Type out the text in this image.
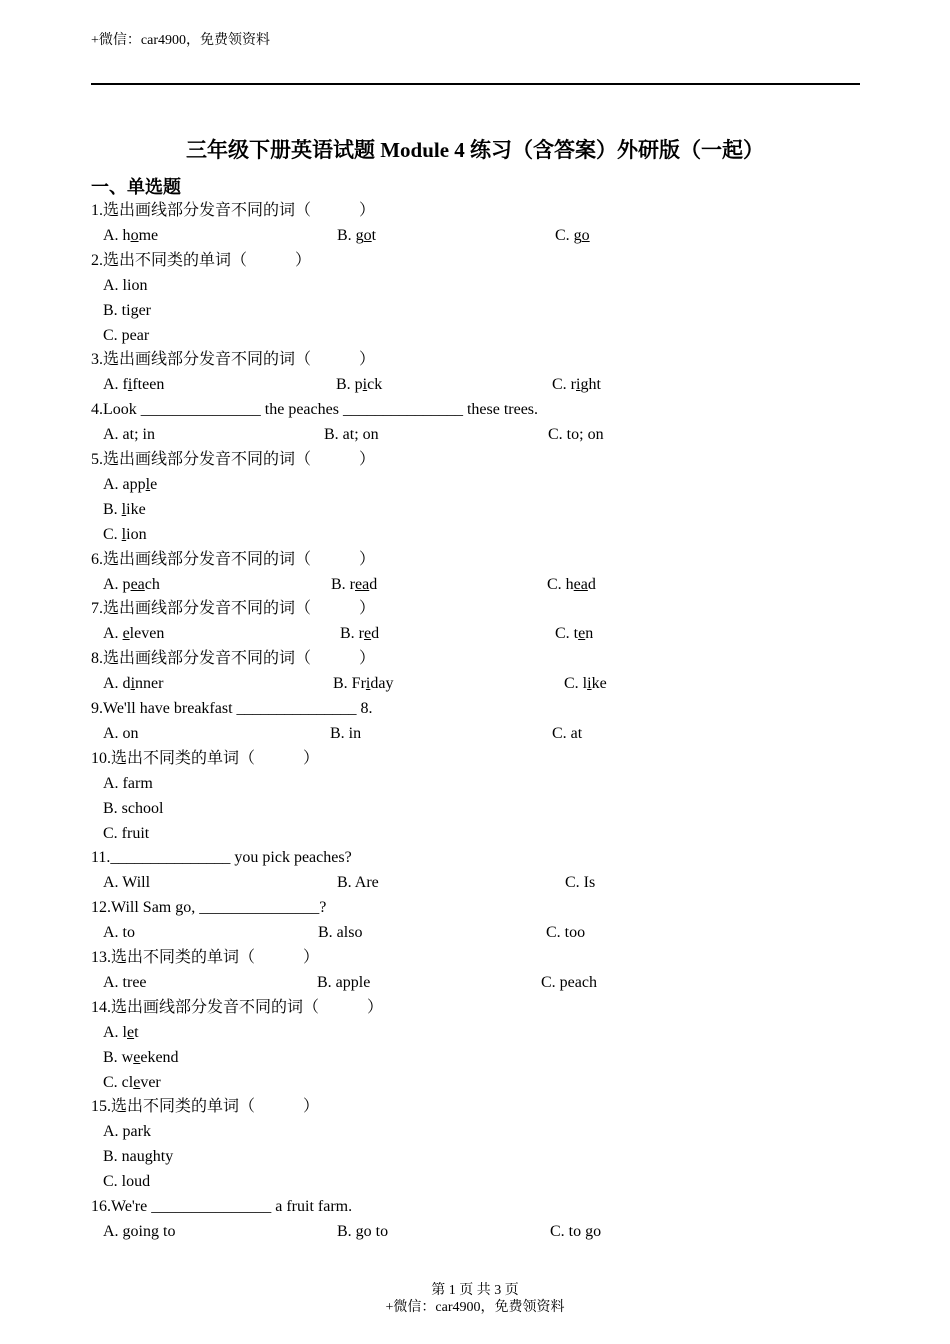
+微信：car4900，免费领资料
三年级下册英语试题 Module 4 练习（含答案）外研版（一起）
一、单选题
1.选出画线部分发音不同的词（　　　）
A. home	B. got	C. go
2.选出不同类的单词（　　　）
A. lion
B. tiger
C. pear
3.选出画线部分发音不同的词（　　　）
A. fifteen	B. pick	C. right
4.Look _______________ the peaches _______________ these trees.
A. at; in	B. at; on	C. to; on
5.选出画线部分发音不同的词（　　　）
A. apple
B. like
C. lion
6.选出画线部分发音不同的词（　　　）
A. peach	B. read	C. head
7.选出画线部分发音不同的词（　　　）
A. eleven	B. red	C. ten
8.选出画线部分发音不同的词（　　　）
A. dinner	B. Friday	C. like
9.We'll have breakfast _______________ 8.
A. on	B. in	C. at
10.选出不同类的单词（　　　）
A. farm
B. school
C. fruit
11._______________ you pick peaches?
A. Will	B. Are	C. Is
12.Will Sam go, _______________?
A. to	B. also	C. too
13.选出不同类的单词（　　　）
A. tree	B. apple	C. peach
14.选出画线部分发音不同的词（　　　）
A. let
B. weekend
C. clever
15.选出不同类的单词（　　　）
A. park
B. naughty
C. loud
16.We're _______________ a fruit farm.
A. going to	B. go to	C. to go
第 1 页 共 3 页
+微信：car4900，免费领资料
